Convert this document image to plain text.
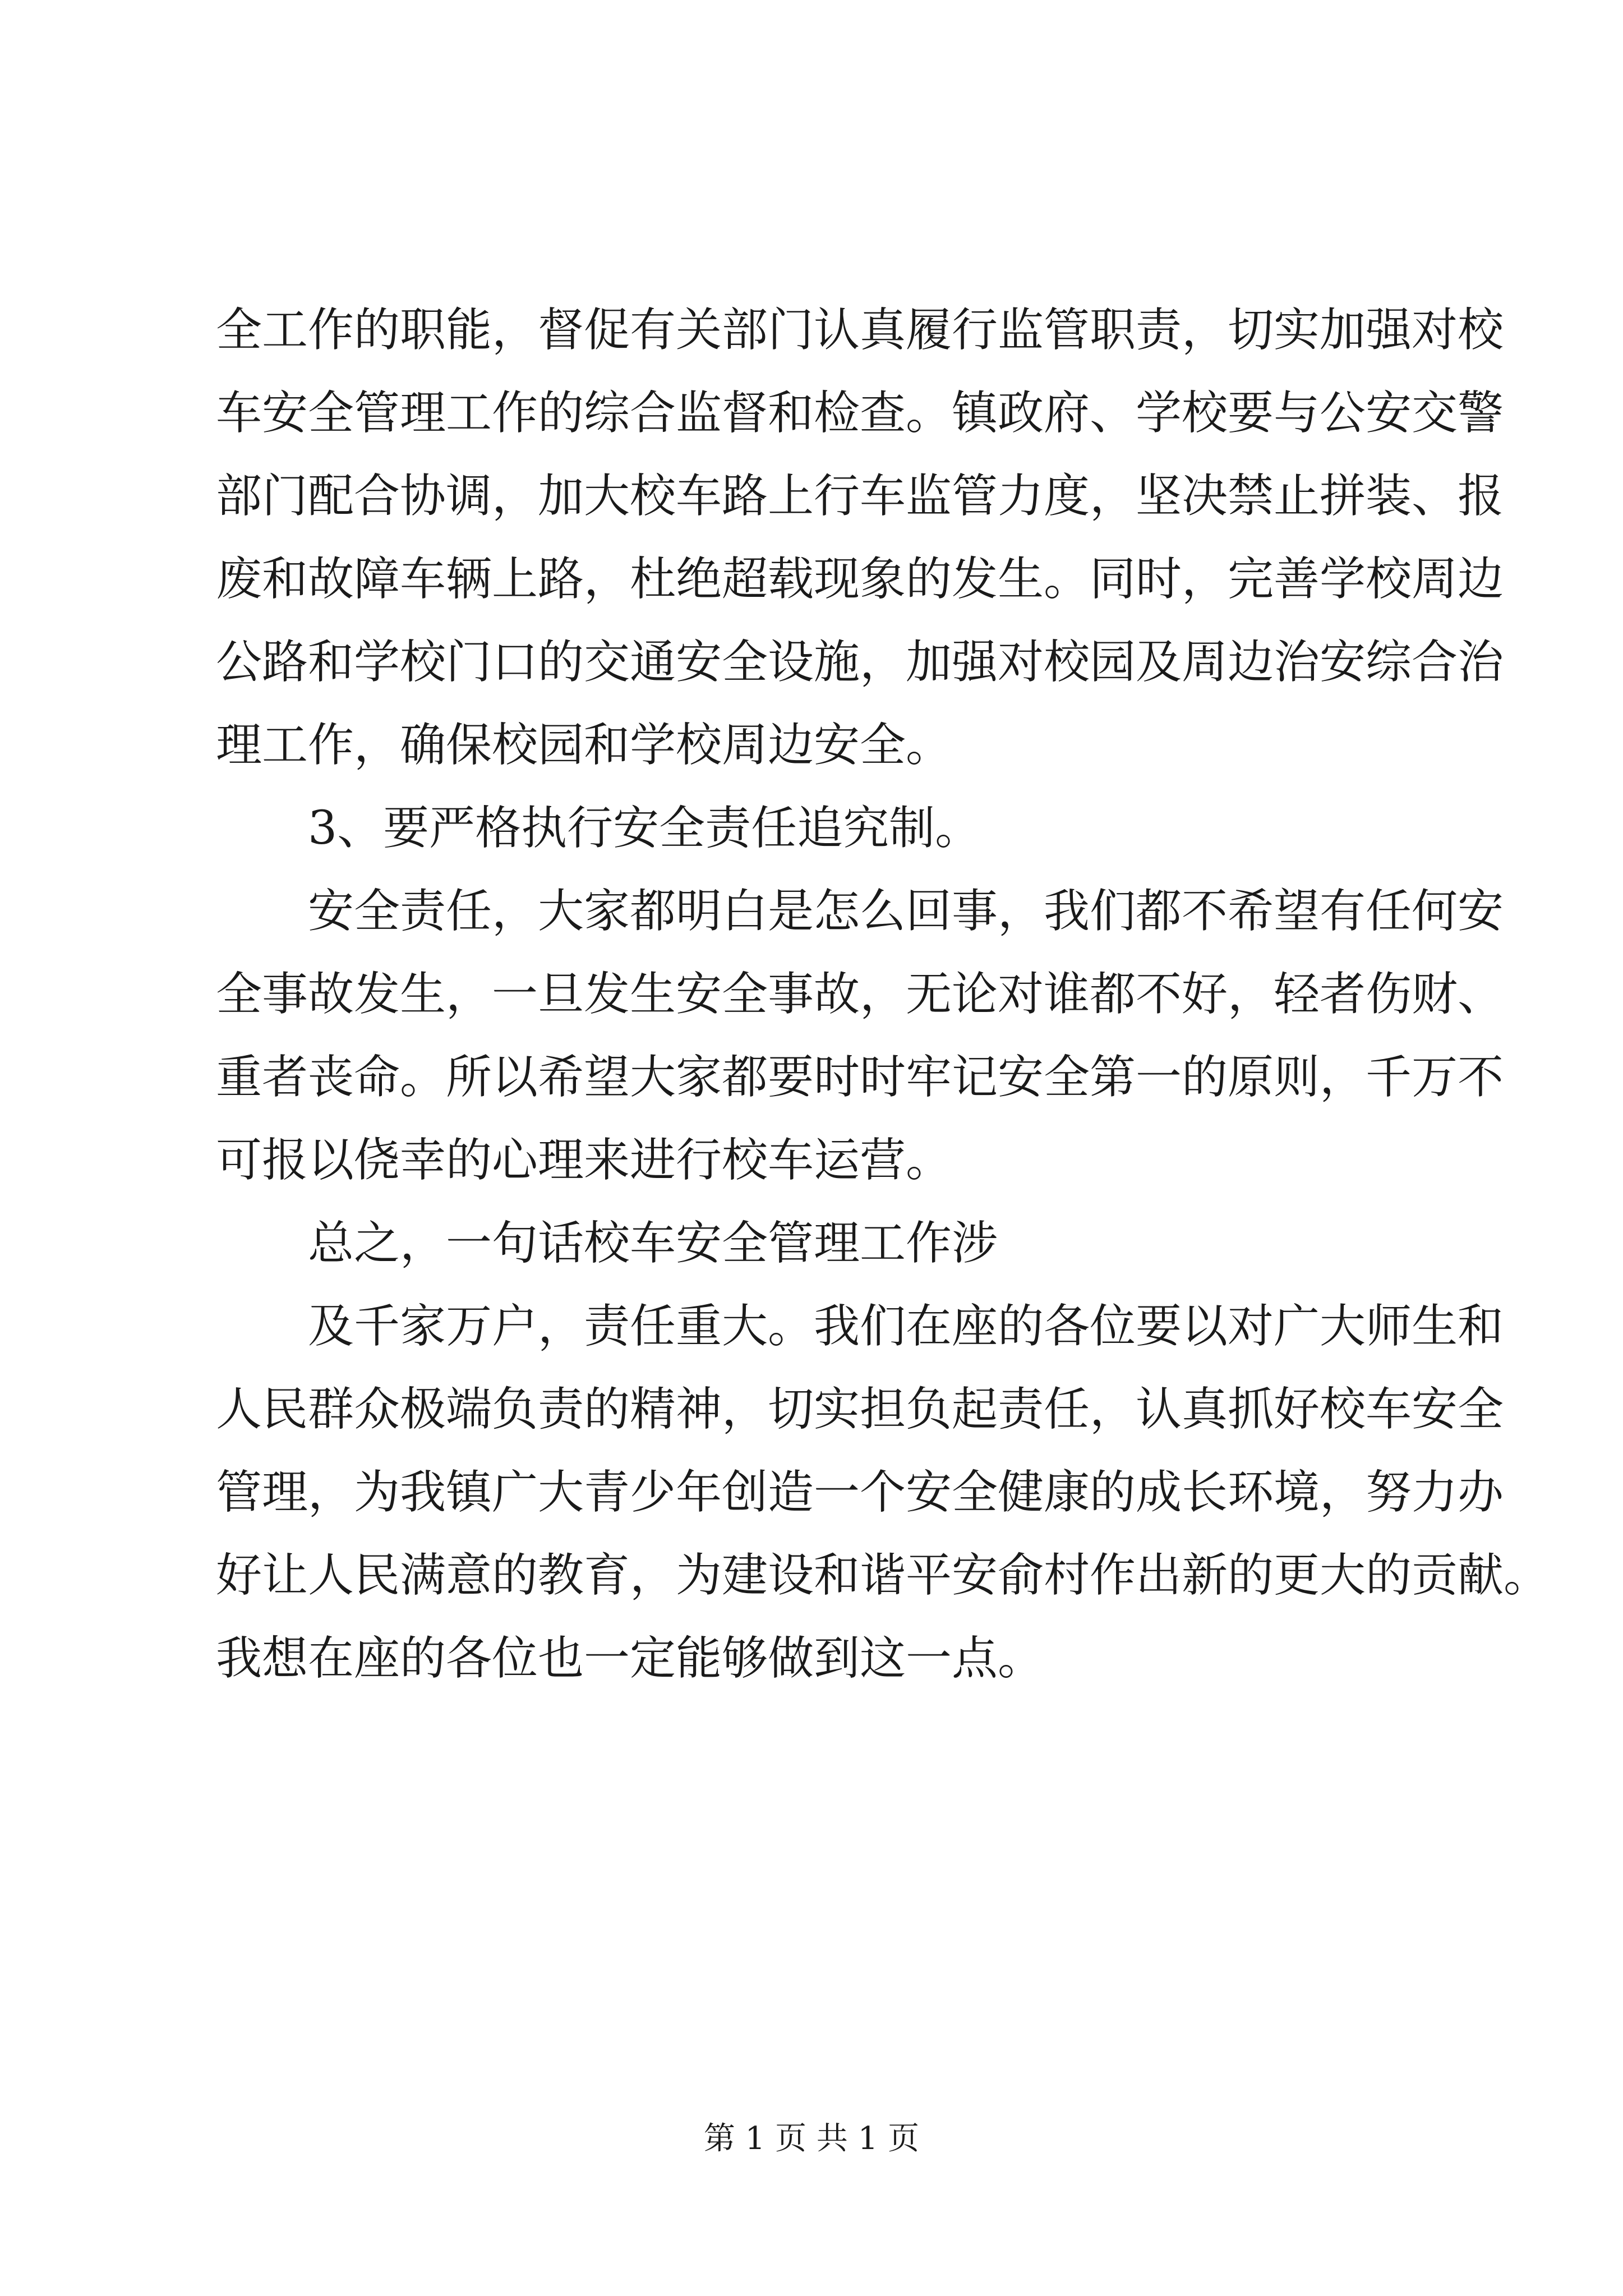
全工作的职能，督促有关部门认真履行监管职责，切实加强对校
车安全管理工作的综合监督和检查。镇政府、学校要与公安交警
部门配合协调，加大校车路上行车监管力度，坚决禁止拼装、报
废和故障车辆上路，杜绝超载现象的发生。同时，完善学校周边
公路和学校门口的交通安全设施，加强对校园及周边治安综合治
理工作，确保校园和学校周边安全。
3、要严格执行安全责任追究制。
安全责任，大家都明白是怎么回事，我们都不希望有任何安
全事故发生，一旦发生安全事故，无论对谁都不好，轻者伤财、
重者丧命。所以希望大家都要时时牢记安全第一的原则，千万不
可报以侥幸的心理来进行校车运营。
总之，一句话校车安全管理工作涉
及千家万户，责任重大。我们在座的各位要以对广大师生和
人民群众极端负责的精神，切实担负起责任，认真抓好校车安全
管理，为我镇广大青少年创造一个安全健康的成长环境，努力办
好让人民满意的教育，为建设和谐平安俞村作出新的更大的贡献。
我想在座的各位也一定能够做到这一点。
第 1 页 共 1 页
